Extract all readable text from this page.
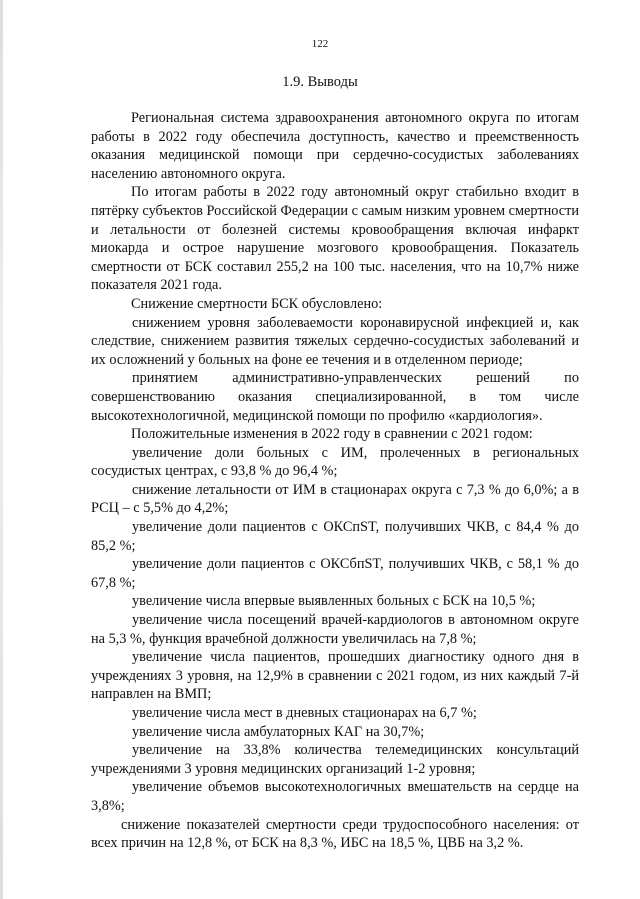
122
1.9. Выводы

Региональная система здравоохранения автономного округа по итогам работы в 2022 году обеспечила доступность, качество и преемственность оказания медицинской помощи при сердечно-сосудистых заболеваниях населению автономного округа.

По итогам работы в 2022 году автономный округ стабильно входит в пятёрку субъектов Российской Федерации с самым низким уровнем смертности и летальности от болезней системы кровообращения включая инфаркт миокарда и острое нарушение мозгового кровообращения. Показатель смертности от БСК составил 255,2 на 100 тыс. населения, что на 10,7% ниже показателя 2021 года.

Снижение смертности БСК обусловлено:

снижением уровня заболеваемости коронавирусной инфекцией и, как следствие, снижением развития тяжелых сердечно-сосудистых заболеваний и их осложнений у больных на фоне ее течения и в отделенном периоде;

принятием административно-управленческих решений по совершенствованию оказания специализированной, в том числе высокотехнологичной, медицинской помощи по профилю «кардиология».

Положительные изменения в 2022 году в сравнении с 2021 годом:

увеличение доли больных с ИМ, пролеченных в региональных сосудистых центрах, с 93,8 % до 96,4 %;

снижение летальности от ИМ в стационарах округа с 7,3 % до 6,0%; а в РСЦ – с 5,5% до 4,2%;

увеличение доли пациентов с ОКСпST, получивших ЧКВ, с 84,4 % до 85,2 %;

увеличение доли пациентов с ОКСбпST, получивших ЧКВ, с 58,1 % до 67,8 %;

увеличение числа впервые выявленных больных с БСК на 10,5 %;

увеличение числа посещений врачей-кардиологов в автономном округе на 5,3 %, функция врачебной должности увеличилась на 7,8 %;

увеличение числа пациентов, прошедших диагностику одного дня в учреждениях 3 уровня, на 12,9% в сравнении с 2021 годом, из них каждый 7-й направлен на ВМП;

увеличение числа мест в дневных стационарах на 6,7 %;

увеличение числа амбулаторных КАГ на 30,7%;

увеличение на 33,8% количества телемедицинских консультаций учреждениями 3 уровня медицинских организаций 1-2 уровня;

увеличение объемов высокотехнологичных вмешательств на сердце на 3,8%;

снижение показателей смертности среди трудоспособного населения: от всех причин на 12,8 %, от БСК на 8,3 %, ИБС на 18,5 %, ЦВБ на 3,2 %.
